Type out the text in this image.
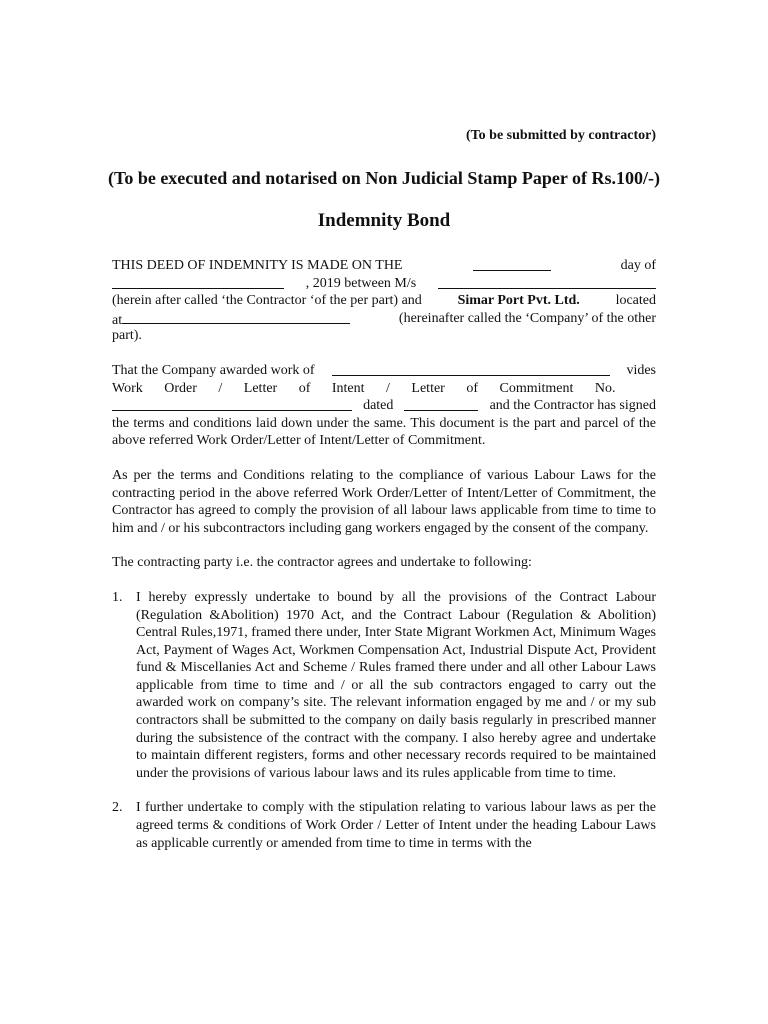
(To be submitted by contractor)

(To be executed and notarised on Non Judicial Stamp Paper of Rs.100/-)

Indemnity Bond
THIS DEED OF INDEMNITY IS MADE ON THE	day of
, 2019 between M/s
(herein after called ‘the Contractor ‘of the per part) and	Simar Port Pvt. Ltd.	located
at	(hereinafter called the ‘Company’ of the other
part).
That the Company awarded work of	vides
Work Order / Letter of Intent / Letter of Commitment No.
dated	and the Contractor has signed
the terms and conditions laid down under the same. This document is the part and parcel of the above referred Work Order/Letter of Intent/Letter of Commitment.

As per the terms and Conditions relating to the compliance of various Labour Laws for the contracting period in the above referred Work Order/Letter of Intent/Letter of Commitment, the Contractor has agreed to comply the provision of all labour laws applicable from time to time to him and / or his subcontractors including gang workers engaged by the consent of the company.

The contracting party i.e. the contractor agrees and undertake to following:

1. I hereby expressly undertake to bound by all the provisions of the Contract Labour (Regulation &Abolition) 1970 Act, and the Contract Labour (Regulation & Abolition) Central Rules,1971, framed there under, Inter State Migrant Workmen Act, Minimum Wages Act, Payment of Wages Act, Workmen Compensation Act, Industrial Dispute Act, Provident fund & Miscellanies Act and Scheme / Rules framed there under and all other Labour Laws applicable from time to time and / or all the sub contractors engaged to carry out the awarded work on company’s site. The relevant information engaged by me and / or my sub contractors shall be submitted to the company on daily basis regularly in prescribed manner during the subsistence of the contract with the company. I also hereby agree and undertake to maintain different registers, forms and other necessary records required to be maintained under the provisions of various labour laws and its rules applicable from time to time.
2. I further undertake to comply with the stipulation relating to various labour laws as per the agreed terms & conditions of Work Order / Letter of Intent under the heading Labour Laws as applicable currently or amended from time to time in terms with the
